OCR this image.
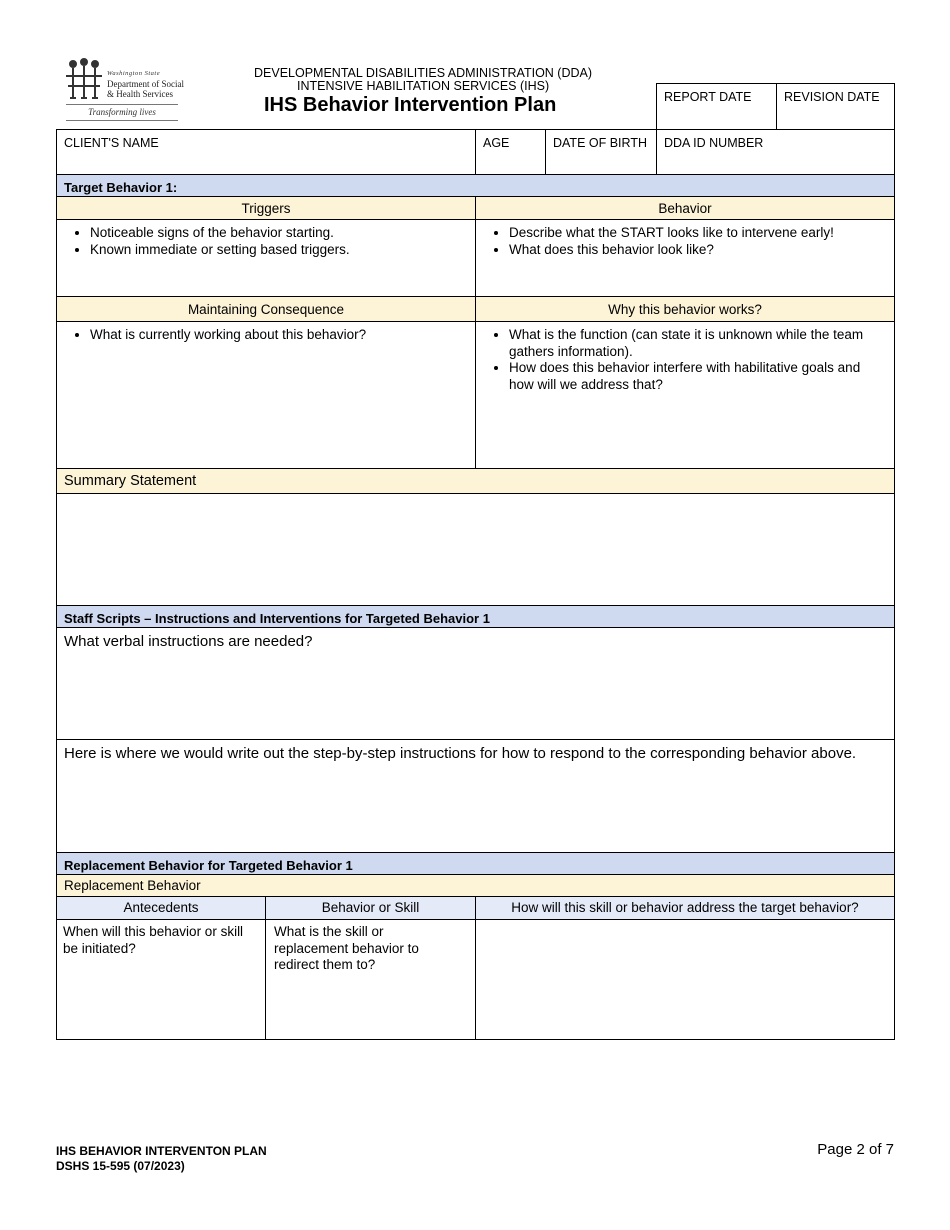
Washington State
Department of Social
& Health Services
Transforming lives
DEVELOPMENTAL DISABILITIES ADMINISTRATION (DDA)
INTENSIVE HABILITATION SERVICES (IHS)
IHS Behavior Intervention Plan	REPORT DATE	REVISION DATE
CLIENT'S NAME	AGE	DATE OF BIRTH	DDA ID NUMBER
Target Behavior 1:
Triggers	Behavior
• Noticeable signs of the behavior starting.
• Known immediate or setting based triggers.
• Describe what the START looks like to intervene early!
• What does this behavior look like?
Maintaining Consequence	Why this behavior works?
• What is currently working about this behavior?
•	What is the function (can state it is unknown while the team gathers information).
• How does this behavior interfere with habilitative goals and how will we address that?
Summary Statement
Staff Scripts – Instructions and Interventions for Targeted Behavior 1
What verbal instructions are needed?
Here is where we would write out the step-by-step instructions for how to respond to the corresponding behavior above.
Replacement Behavior for Targeted Behavior 1
Replacement Behavior
Antecedents	Behavior or Skill	How will this skill or behavior address the target behavior?
When will this behavior or skill be initiated?
What is the skill or replacement behavior to redirect them to?
IHS BEHAVIOR INTERVENTON PLAN
DSHS 15-595 (07/2023)
Page 2 of 7
